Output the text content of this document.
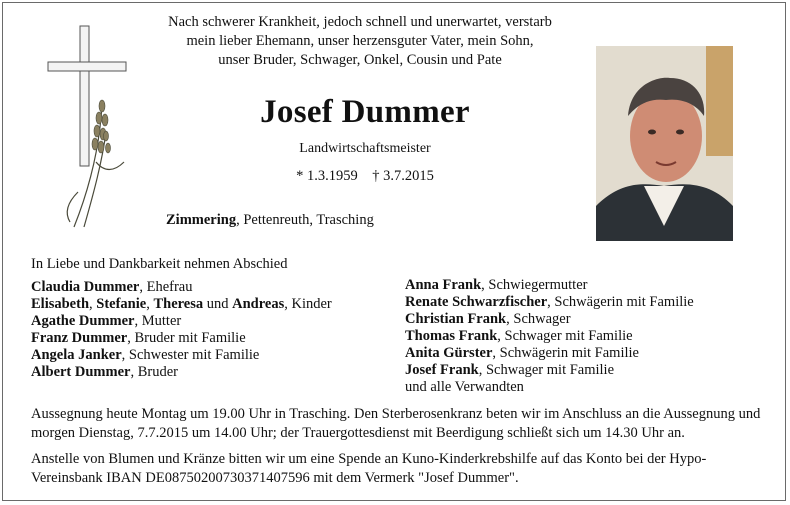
Nach schwerer Krankheit, jedoch schnell und unerwartet, verstarb
mein lieber Ehemann, unser herzensguter Vater, mein Sohn,
unser Bruder, Schwager, Onkel, Cousin und Pate
Josef Dummer
Landwirtschaftsmeister
* 1.3.1959 † 3.7.2015
Zimmering, Pettenreuth, Trasching
In Liebe und Dankbarkeit nehmen Abschied
Claudia Dummer, Ehefrau
Elisabeth, Stefanie, Theresa und Andreas, Kinder
Agathe Dummer, Mutter
Franz Dummer, Bruder mit Familie
Angela Janker, Schwester mit Familie
Albert Dummer, Bruder
Anna Frank, Schwiegermutter
Renate Schwarzfischer, Schwägerin mit Familie
Christian Frank, Schwager
Thomas Frank, Schwager mit Familie
Anita Gürster, Schwägerin mit Familie
Josef Frank, Schwager mit Familie
und alle Verwandten
Aussegnung heute Montag um 19.00 Uhr in Trasching. Den Sterberosenkranz beten wir im Anschluss an die Aussegnung und morgen Dienstag, 7.7.2015 um 14.00 Uhr; der Trauergottesdienst mit Beerdigung schließt sich um 14.30 Uhr an.
Anstelle von Blumen und Kränze bitten wir um eine Spende an Kuno-Kinderkrebshilfe auf das Konto bei der Hypo-Vereinsbank IBAN DE08750200730371407596 mit dem Vermerk "Josef Dummer".
